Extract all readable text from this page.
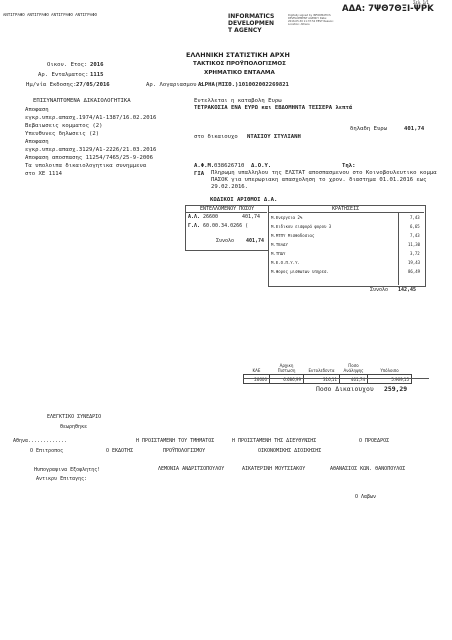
ΑΝΤΙΓΡΑΦΟ ΑΝΤΙΓΡΑΦΟ ΑΝΤΙΓΡΑΦΟ ΑΝΤΙΓΡΑΦΟ
ΑΔΑ: 7ΨΘ7ΘΞΙ-ΨΡΚ
Σελ. 1/1
INFORMATICS
DEVELOPMEN
T AGENCY
Digitally signed by INFORMATICS DEVELOPMENT AGENCY Date: 2016.05.30 11:37:52 EEST Reason: Location: Athens
ΕΛΛΗΝΙΚΗ ΣΤΑΤΙΣΤΙΚΗ ΑΡΧΗ
ΤΑΚΤΙΚΟΣ ΠΡΟΫΠΟΛΟΓΙΣΜΟΣ
ΧΡΗΜΑΤΙΚΟ ΕΝΤΑΛΜΑ
Οικον. Ετος: 2016
Αρ. Ενταλματος: 1115
Ημ/νία Εκδοσης: 27/05/2016	Αρ. Λογαριασμου :
ALPHA(ΜΙΣΘ.)101002002269821
ΕΠΙΣΥΝΑΠΤΟΜΕΝΑ ΔΙΚΑΙΟΛΟΓΗΤΙΚΑ
Αποφαση
εγκρ.υπερ.απασχ.1974/Α1-1387/16.02.2016
Βεβαιωσεις κομματος (2)
Υπευθυνες δηλωσεις (2)
Αποφαση
εγκρ.υπερ.απασχ.3129/Α1-2226/21.03.2016
Αποφαση αποσπασης 11254/7465/25-9-2006
Τα υπολοιπα δικαιολογητικα συνημμενα
στο ΧΕ 1114
Εντελλεται η καταβολη Ευρω
ΤΕΤΡΑΚΟΣΙΑ ΕΝΑ ΕΥΡΩ και ΕΒΔΟΜΗΝΤΑ ΤΕΣΣΕΡΑ λεπτά
δηλαδη Ευρω	401,74
στο δικαιουχο ΝΤΑΣΙΟΥ ΣΤΥΛΙΑΝΗ
Α.Φ.Μ. 038626710 Δ.Ο.Υ.	Τηλ:
ΓΙΑ Πληρωμη υπαλληλου της ΕΛΣΤΑΤ αποσπασμενου στο Κοινοβουλευτικο κομμα ΠΑΣΟΚ για υπερωριακη απασχοληση το χρον. διαστημα 01.01.2016 εως 29.02.2016.
ΚΩΔΙΚΟΙ ΑΡΙΘΜΟΙ Δ.Α.
ΕΝΤΕΛΛΟΜΕΝΟΥ ΠΟΣΟΥ
Α.Λ. 26600	401,74
Γ.Λ. 60.00.34.0266 (
Συνολο 401,74
ΚΡΑΤΗΣΕΙΣ
Μ.Ενεργεια 2%	7,43
Μ.Ειδικου εισφορά φορου 3	6,65
Μ.ΜΤΠΥ Μισθοδοσιας	7,43
Μ.ΤΕΑΔΥ	11,30
Μ.ΤΠΔΥ	3,72
Μ.Ε.Ο.Π.Υ.Υ.	19,43
Μ.Φορος μισθωτων υπηρεσ.	86,49
Συνολο 142,45
ΚΑΕ	Αρχικη Πιστωση	Εντολεδεντα	Ποσο Ανάληψης	Υπόλοιπο
26600	6.686,99	316,11	401,74	5.969,15
Ποσο Δικαιουχου 259,29
ΕΛΕΓΚΤΙΚΟ ΣΥΝΕΔΡΙΟ
Θεωρηθηκε
Αθηνα.............
Ο Επιτροπος	Ο ΕΚΔΟΤΗΣ
Η ΠΡΟΙΣΤΑΜΕΝΗ ΤΟΥ ΤΜΗΜΑΤΟΣ
ΠΡΟΫΠΟΛΟΓΙΣΜΟΥ
Η ΠΡΟΙΣΤΑΜΕΝΗ ΤΗΣ ΔΙΕΥΘΥΝΣΗΣ
ΟΙΚΟΝΟΜΙΚΗΣ ΔΙΟΙΚΗΣΗΣ
Ο ΠΡΟΕΔΡΟΣ
ΛΕΜΟΝΙΑ ΑΝΔΡΙΤΣΟΠΟΥΛΟΥ	ΑΙΚΑΤΕΡΙΝΗ ΜΟΥΤΣΙΑΚΟΥ	ΑΘΑΝΑΣΙΟΣ ΚΩΝ. ΘΑΝΟΠΟΥΛΟΣ
Ηυπογραψινα Εξοφλητης!
Αντικρυ Επιταγης:
Ο Λαβων
